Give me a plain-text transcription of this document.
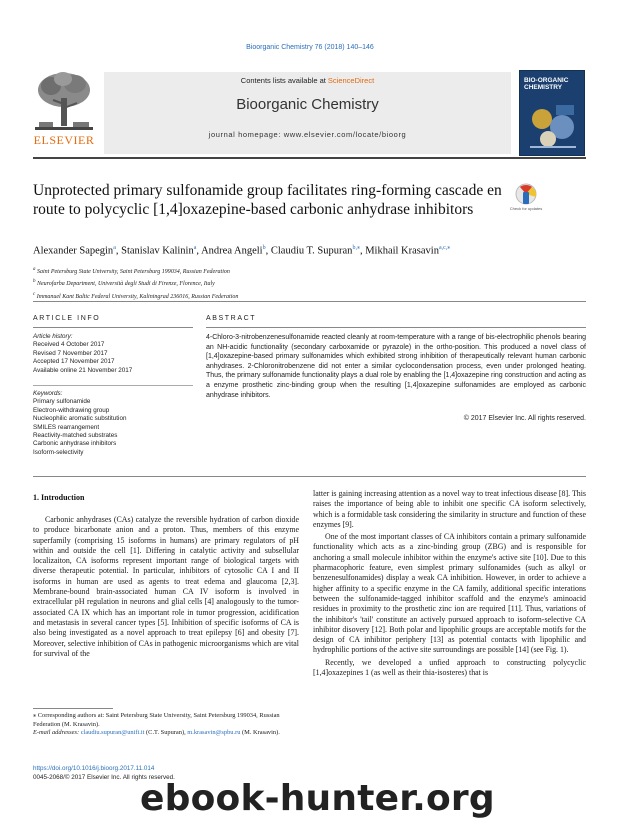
Bioorganic Chemistry 76 (2018) 140–146
Contents lists available at ScienceDirect
Bioorganic Chemistry
journal homepage: www.elsevier.com/locate/bioorg
ELSEVIER
BIO-ORGANIC CHEMISTRY
Unprotected primary sulfonamide group facilitates ring-forming cascade en route to polycyclic [1,4]oxazepine-based carbonic anhydrase inhibitors	Check for updates
Alexander Sapegin$^a$, Stanislav Kalinin$^a$, Andrea Angeli$^b$, Claudiu T. Supuran$^{b,⁎}$, Mikhail Krasavin$^{a,c,⁎}$
$^a$ Saint Petersburg State University, Saint Petersburg 199034, Russian Federation
$^b$ Neurofarba Department, Università degli Studi di Firenze, Florence, Italy
$^c$ Immanuel Kant Baltic Federal University, Kaliningrad 236016, Russian Federation
ARTICLE INFO	ABSTRACT
Article history:
Received 4 October 2017
Revised 7 November 2017
Accepted 17 November 2017
Available online 21 November 2017
Keywords:
Primary sulfonamide
Electron-withdrawing group
Nucleophilic aromatic substitution
SMILES rearrangement
Reactivity-matched substrates
Carbonic anhydrase inhibitors
Isoform-selectivity
4-Chloro-3-nitrobenzenesulfonamide reacted cleanly at room-temperature with a range of bis-electrophilic phenols bearing an NH-acidic functionality (secondary carboxamide or pyrazole) in the ortho-position. This produced a novel class of [1,4]oxazepine-based primary sulfonamides which exhibited strong inhibition of therapeutically relevant human carbonic anhydrases. 2-Chloronitrobenzene did not enter a similar cyclocondensation process, even under prolonged heating. Thus, the primary sulfonamide functionality plays a dual role by enabling the [1,4]oxazepine ring construction and acting as a enzyme prosthetic zinc-binding group when the resulting [1,4]oxazepine sulfonamides are employed as carbonic anhydrase inhibitors.
© 2017 Elsevier Inc. All rights reserved.
1. Introduction

Carbonic anhydrases (CAs) catalyze the reversible hydration of carbon dioxide to produce bicarbonate anion and a proton. Thus, members of this enzyme superfamily (comprising 15 isoforms in humans) are primary regulators of pH within and outside the cell [1]. Differing in catalytic activity and subsellular localizaiton, CA isoforms represent important range of biological targets with diverse therapeutic potential. In particular, inhibitors of cytosolic CA I and II isoforms in human are used as agents to treat edema and glaucoma [2,3]. Membrane-bound brain-associated human CA IV isoform is involved in extracellular pH regulation in neurons and glial cells [4] analogously to the tumor-associated CA IX which has an important role in tumor progression, acidification and metastasis in several cancer types [5]. Inhibition of specific isoforms of CA is also being investigated as a novel approach to treat epilepsy [6] and obesity [7]. Moreover, selective inhibition of CAs in pathogenic microorganisms which are vital for survival of the

latter is gaining increasing attention as a novel way to treat infectious disease [8]. This raises the importance of being able to inhibit one specific CA isoform selectively, which is a formidable task considering the similarity in structure and function of these enzymes [9].

One of the most important classes of CA inhibitors contain a primary sulfonamide functionality which acts as a zinc-binding group (ZBG) and is responsible for anchoring a small molecule inhibitor within the enzyme's active site [10]. Due to this pharmacophoric feature, even simplest primary sulfonamides (such as alkyl or benzenesulfonamides) display a weak CA inhibition. However, in order to achieve a higher affinity to a specific enzyme in the CA family, additional specific interations between the sulfonamide-tagged inhibitor scaffold and the enzyme's aminoacid residues in proximity to the prosthetic zinc ion are required [11]. Thus, variations of the inhibitor's 'tail' constitute an actively pursued approach to isoform-selective CA inhibitor disovery [12]. Both polar and lipophilic groups are acceptable motifs for the design of CA inhibitor periphery [13] as potential contacts with lipophilic and hydrophilic portions of the active site surroundings are possible [14] (see Fig. 1).

Recently, we developed a unfied approach to constructing polycyclic [1,4]oxazepines 1 (as well as their thia-isosteres) that is

⁎ Corresponding authors at: Saint Petersburg State University, Saint Petersburg 199034, Russian Federation (M. Krasavin).
E-mail addresses: claudiu.supuran@unifi.it (C.T. Supuran), m.krasavin@spbu.ru (M. Krasavin).
https://doi.org/10.1016/j.bioorg.2017.11.014
0045-2068/© 2017 Elsevier Inc. All rights reserved.
ebook-hunter.org
